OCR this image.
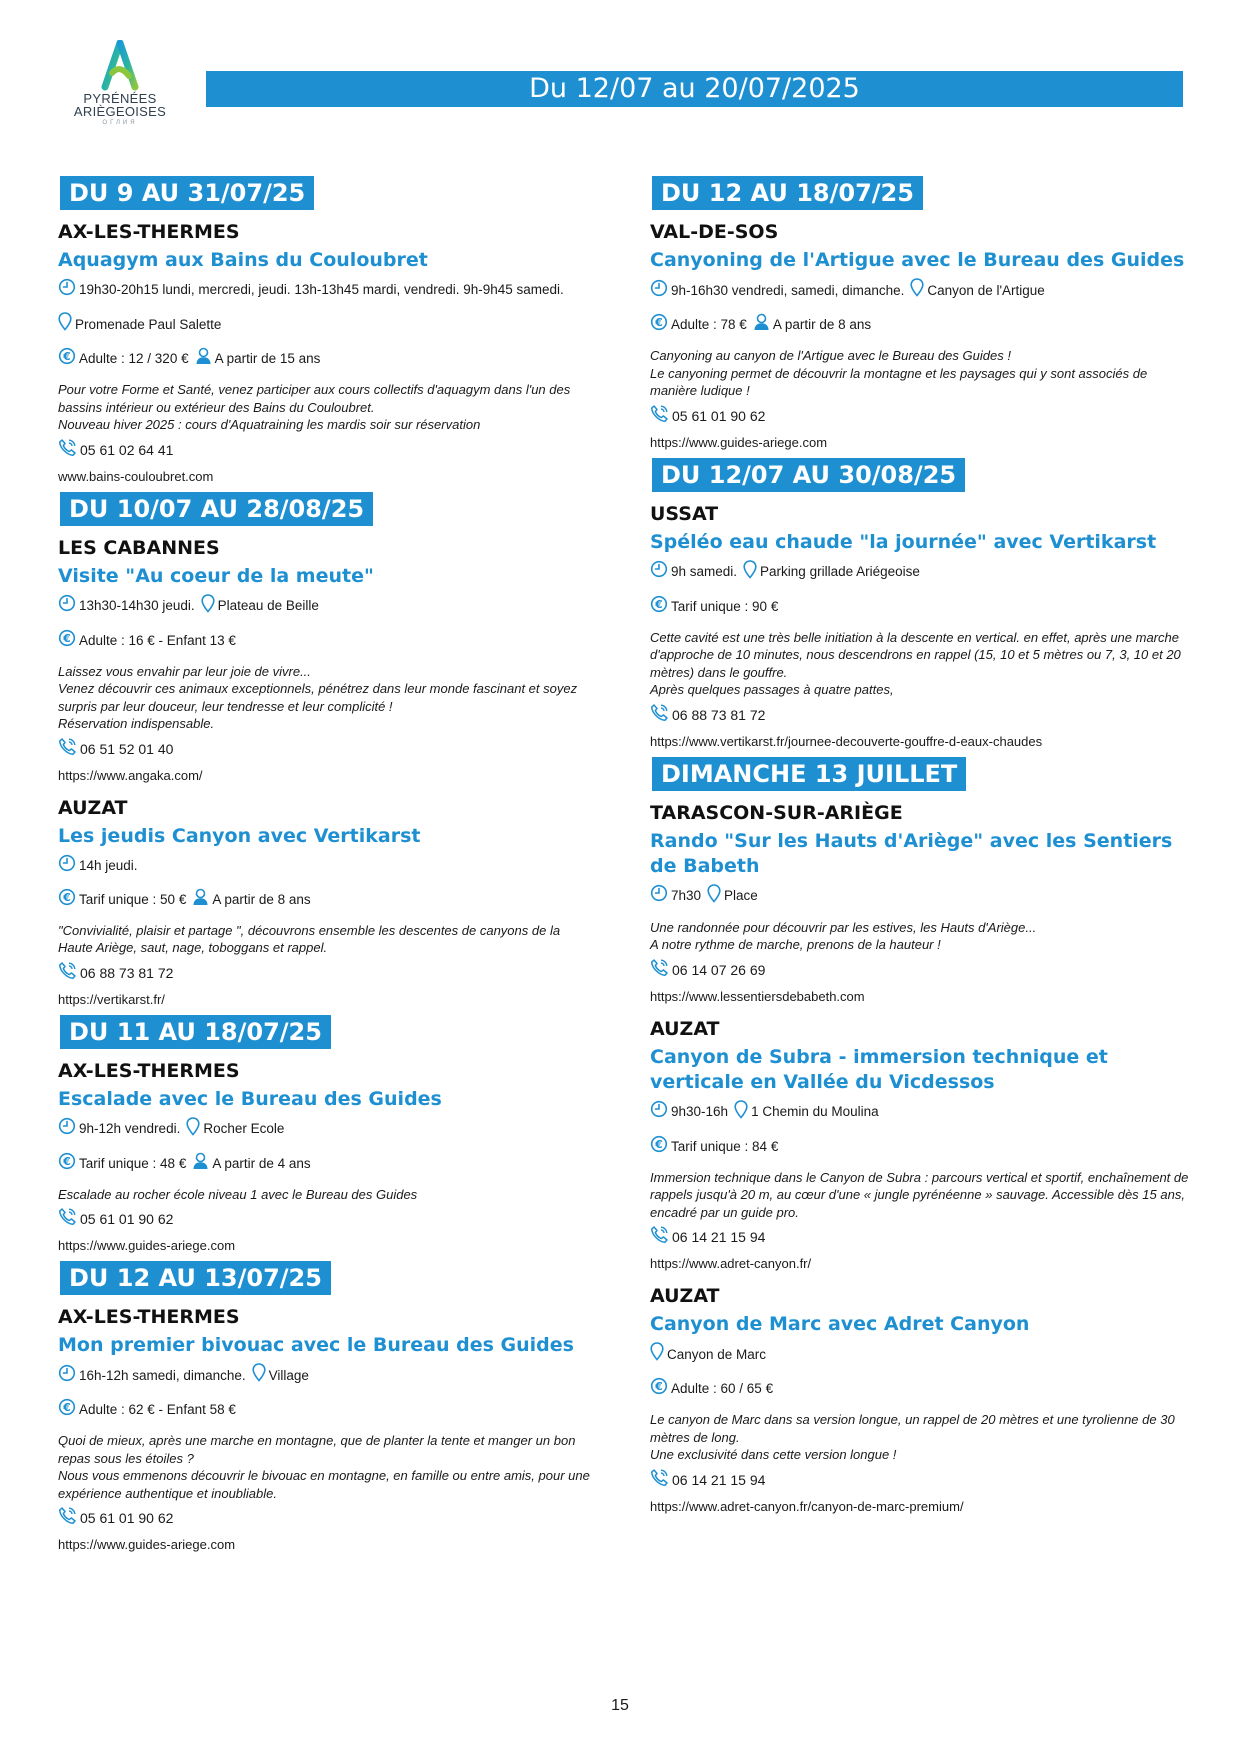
PYRÉNÉES
ARIÈGEOISES
ОГЛИЯ
Du 12/07 au 20/07/2025
DU 9 AU 31/07/25
AX-LES-THERMES
Aquagym aux Bains du Couloubret
19h30-20h15 lundi, mercredi, jeudi. 13h-13h45 mardi, vendredi. 9h-9h45 samedi.
Promenade Paul Salette
€ Adulte : 12 / 320 € A partir de 15 ans
Pour votre Forme et Santé, venez participer aux cours collectifs d'aquagym dans l'un des bassins intérieur ou extérieur des Bains du Couloubret.
Nouveau hiver 2025 : cours d'Aquatraining les mardis soir sur réservation
05 61 02 64 41
www.bains-couloubret.com
DU 10/07 AU 28/08/25
LES CABANNES
Visite "Au coeur de la meute"
13h30-14h30 jeudi. Plateau de Beille
€ Adulte : 16 € - Enfant 13 €
Laissez vous envahir par leur joie de vivre...
Venez découvrir ces animaux exceptionnels, pénétrez dans leur monde fascinant et soyez surpris par leur douceur, leur tendresse et leur complicité !
Réservation indispensable.
06 51 52 01 40
https://www.angaka.com/
AUZAT
Les jeudis Canyon avec Vertikarst
14h jeudi.
€ Tarif unique : 50 € A partir de 8 ans
"Convivialité, plaisir et partage ", découvrons ensemble les descentes de canyons de la Haute Ariège, saut, nage, toboggans et rappel.
06 88 73 81 72
https://vertikarst.fr/
DU 11 AU 18/07/25
AX-LES-THERMES
Escalade avec le Bureau des Guides
9h-12h vendredi. Rocher Ecole
€ Tarif unique : 48 € A partir de 4 ans
Escalade au rocher école niveau 1 avec le Bureau des Guides
05 61 01 90 62
https://www.guides-ariege.com
DU 12 AU 13/07/25
AX-LES-THERMES
Mon premier bivouac avec le Bureau des Guides
16h-12h samedi, dimanche. Village
€ Adulte : 62 € - Enfant 58 €
Quoi de mieux, après une marche en montagne, que de planter la tente et manger un bon repas sous les étoiles ?
Nous vous emmenons découvrir le bivouac en montagne, en famille ou entre amis, pour une expérience authentique et inoubliable.
05 61 01 90 62
https://www.guides-ariege.com
DU 12 AU 18/07/25
VAL-DE-SOS
Canyoning de l'Artigue avec le Bureau des Guides
9h-16h30 vendredi, samedi, dimanche. Canyon de l'Artigue
€ Adulte : 78 € A partir de 8 ans
Canyoning au canyon de l'Artigue avec le Bureau des Guides !
Le canyoning permet de découvrir la montagne et les paysages qui y sont associés de manière ludique !
05 61 01 90 62
https://www.guides-ariege.com
DU 12/07 AU 30/08/25
USSAT
Spéléo eau chaude "la journée" avec Vertikarst
9h samedi. Parking grillade Ariégeoise
€ Tarif unique : 90 €
Cette cavité est une très belle initiation à la descente en vertical. en effet, après une marche d'approche de 10 minutes, nous descendrons en rappel (15, 10 et 5 mètres ou 7, 3, 10 et 20 mètres) dans le gouffre.
Après quelques passages à quatre pattes,
06 88 73 81 72
https://www.vertikarst.fr/journee-decouverte-gouffre-d-eaux-chaudes
DIMANCHE 13 JUILLET
TARASCON-SUR-ARIÈGE
Rando "Sur les Hauts d'Ariège" avec les Sentiers de Babeth
7h30 Place
Une randonnée pour découvrir par les estives, les Hauts d'Ariège...
A notre rythme de marche, prenons de la hauteur !
06 14 07 26 69
https://www.lessentiersdebabeth.com
AUZAT
Canyon de Subra - immersion technique et verticale en Vallée du Vicdessos
9h30-16h 1 Chemin du Moulina
€ Tarif unique : 84 €
Immersion technique dans le Canyon de Subra : parcours vertical et sportif, enchaînement de rappels jusqu'à 20 m, au cœur d'une « jungle pyrénéenne » sauvage. Accessible dès 15 ans, encadré par un guide pro.
06 14 21 15 94
https://www.adret-canyon.fr/
AUZAT
Canyon de Marc avec Adret Canyon
Canyon de Marc
€ Adulte : 60 / 65 €
Le canyon de Marc dans sa version longue, un rappel de 20 mètres et une tyrolienne de 30 mètres de long.
Une exclusivité dans cette version longue !
06 14 21 15 94
https://www.adret-canyon.fr/canyon-de-marc-premium/
15
